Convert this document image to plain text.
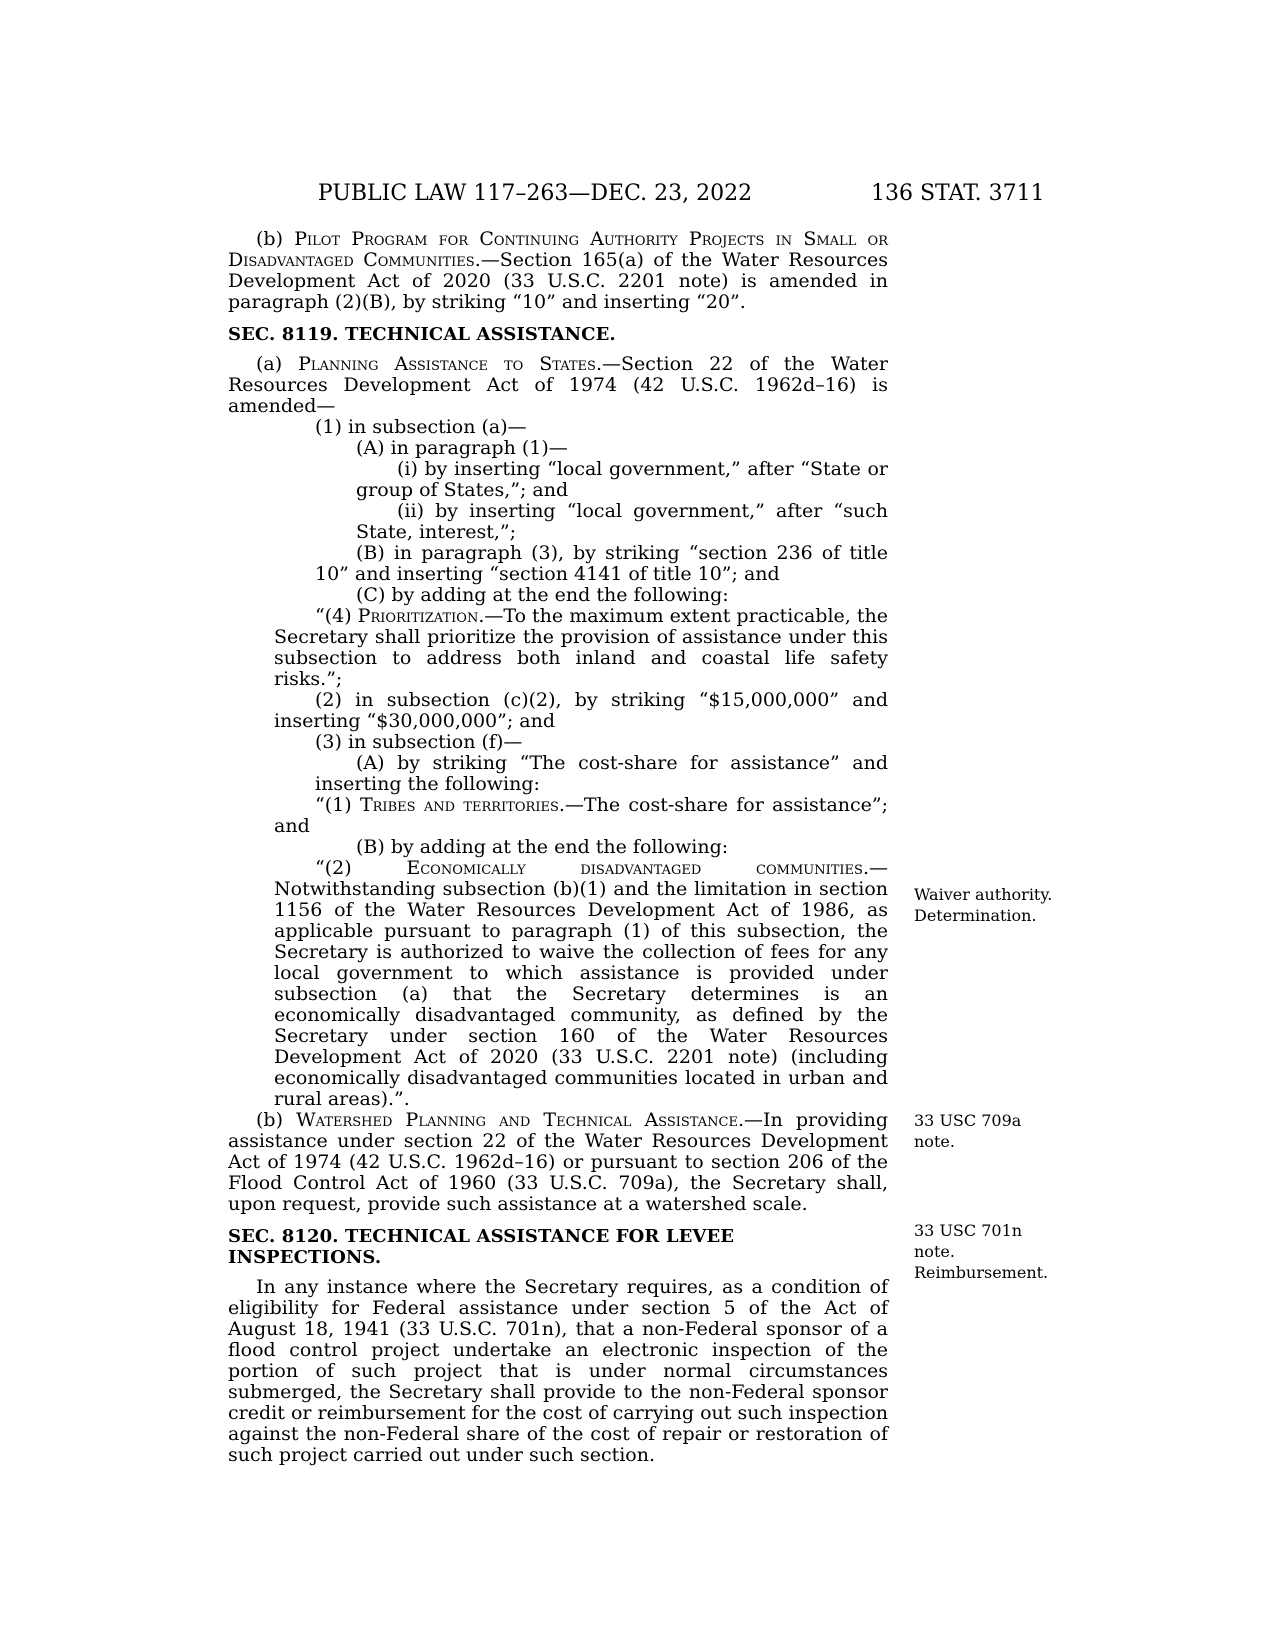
PUBLIC LAW 117–263—DEC. 23, 2022	136 STAT. 3711
(b) Pilot Program for Continuing Authority Projects in Small or Disadvantaged Communities.—Section 165(a) of the Water Resources Development Act of 2020 (33 U.S.C. 2201 note) is amended in paragraph (2)(B), by striking “10” and inserting “20”.
SEC. 8119. TECHNICAL ASSISTANCE.
(a) Planning Assistance to States.—Section 22 of the Water Resources Development Act of 1974 (42 U.S.C. 1962d–16) is amended—
(1) in subsection (a)—
(A) in paragraph (1)—
(i) by inserting “local government,” after “State or group of States,”; and
(ii) by inserting “local government,” after “such State, interest,”;
(B) in paragraph (3), by striking “section 236 of title 10” and inserting “section 4141 of title 10”; and
(C) by adding at the end the following:
“(4) Prioritization.—To the maximum extent practicable, the Secretary shall prioritize the provision of assistance under this subsection to address both inland and coastal life safety risks.”;
(2) in subsection (c)(2), by striking “$15,000,000” and inserting “$30,000,000”; and
(3) in subsection (f)—
(A) by striking “The cost-share for assistance” and inserting the following:
“(1) Tribes and territories.—The cost-share for assistance”; and
(B) by adding at the end the following:
“(2) Economically disadvantaged communities.—Notwithstanding subsection (b)(1) and the limitation in section 1156 of the Water Resources Development Act of 1986, as applicable pursuant to paragraph (1) of this subsection, the Secretary is authorized to waive the collection of fees for any local government to which assistance is provided under subsection (a) that the Secretary determines is an economically disadvantaged community, as defined by the Secretary under section 160 of the Water Resources Development Act of 2020 (33 U.S.C. 2201 note) (including economically disadvantaged communities located in urban and rural areas).”.
(b) Watershed Planning and Technical Assistance.—In providing assistance under section 22 of the Water Resources Development Act of 1974 (42 U.S.C. 1962d–16) or pursuant to section 206 of the Flood Control Act of 1960 (33 U.S.C. 709a), the Secretary shall, upon request, provide such assistance at a watershed scale.
SEC. 8120. TECHNICAL ASSISTANCE FOR LEVEE INSPECTIONS.
In any instance where the Secretary requires, as a condition of eligibility for Federal assistance under section 5 of the Act of August 18, 1941 (33 U.S.C. 701n), that a non-Federal sponsor of a flood control project undertake an electronic inspection of the portion of such project that is under normal circumstances submerged, the Secretary shall provide to the non-Federal sponsor credit or reimbursement for the cost of carrying out such inspection against the non-Federal share of the cost of repair or restoration of such project carried out under such section.
Waiver authority.
Determination.
33 USC 709a
note.
33 USC 701n
note.
Reimbursement.
